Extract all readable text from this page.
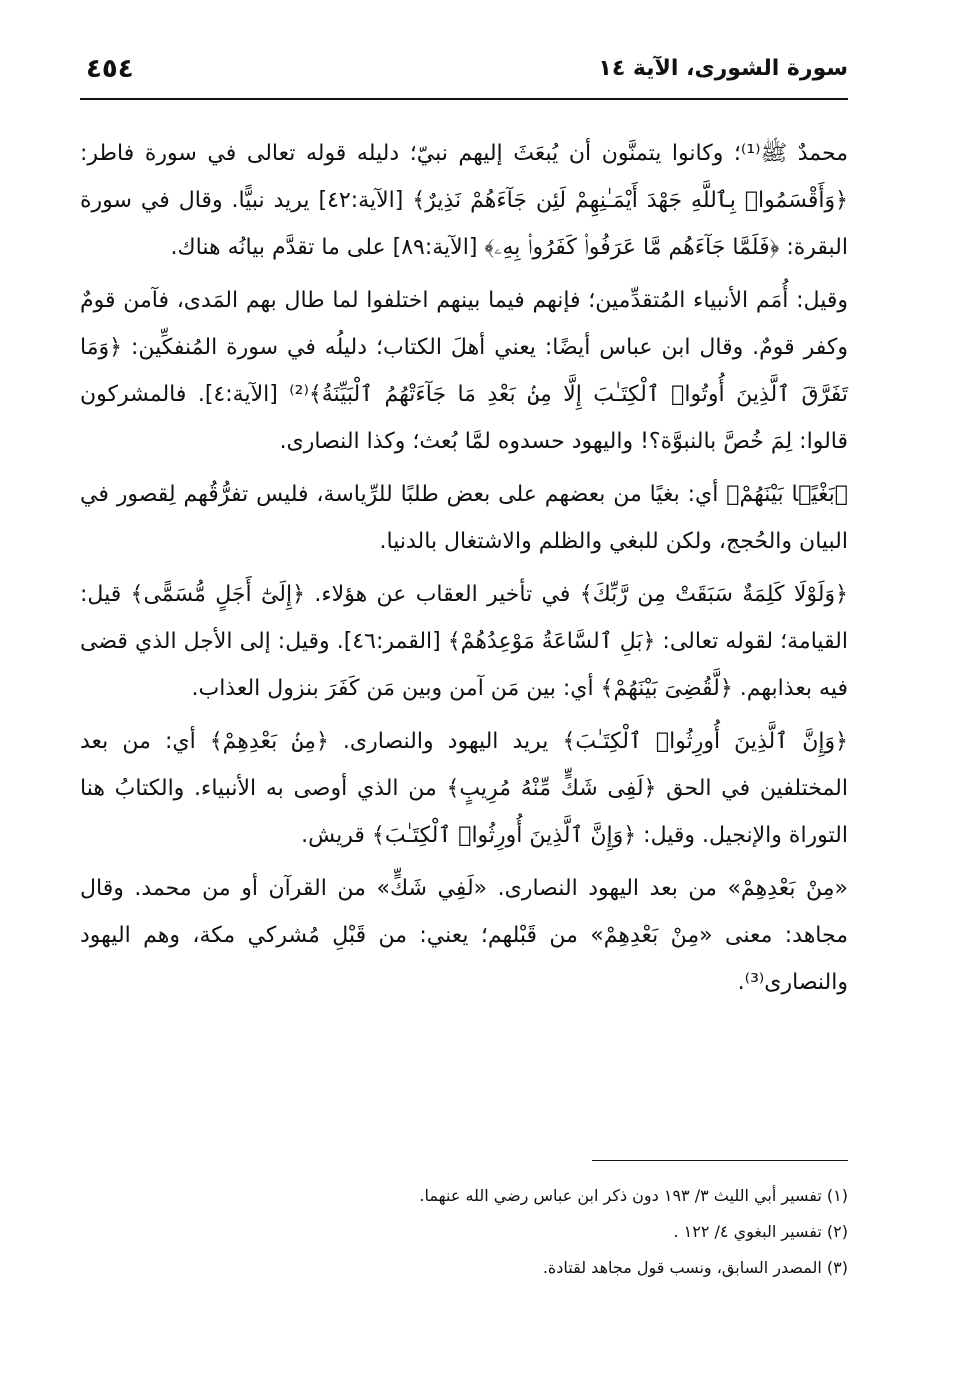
سورة الشورى، الآية ١٤
٤٥٤

محمدٌ ﷺ⁽¹⁾؛ وكانوا يتمنَّون أن يُبعَثَ إليهم نبيّ؛ دليله قوله تعالى في سورة فاطر: ﴿وَأَقْسَمُوا۟ بِٱللَّهِ جَهْدَ أَيْمَـٰنِهِمْ لَئِن جَآءَهُمْ نَذِيرٌ﴾ [الآية:٤٢] يريد نبيًّا. وقال في سورة البقرة: ﴿فَلَمَّا جَآءَهُم مَّا عَرَفُوا۟ كَفَرُوا۟ بِهِۦ﴾ [الآية:٨٩] على ما تقدَّم بيانُه هناك.

وقيل: أُمَم الأنبياء المُتقدِّمين؛ فإنهم فيما بينهم اختلفوا لما طال بهم المَدى، فآمن قومٌ وكفر قومٌ. وقال ابن عباس أيضًا: يعني أهلَ الكتاب؛ دليلُه في سورة المُنفكِّين: ﴿وَمَا تَفَرَّقَ ٱلَّذِينَ أُوتُوا۟ ٱلْكِتَـٰبَ إِلَّا مِنۢ بَعْدِ مَا جَآءَتْهُمُ ٱلْبَيِّنَةُ﴾⁽²⁾ [الآية:٤]. فالمشركون قالوا: لِمَ خُصَّ بالنبوَّة؟! واليهود حسدوه لمَّا بُعث؛ وكذا النصارى.

﴿بَغْيًۢا بَيْنَهُمْ﴾ أي: بغيًا من بعضهم على بعض طلبًا للرِّياسة، فليس تفرُّقُهم لِقصور في البيان والحُجج، ولكن للبغي والظلم والاشتغال بالدنيا.

﴿وَلَوْلَا كَلِمَةٌ سَبَقَتْ مِن رَّبِّكَ﴾ في تأخير العقاب عن هؤلاء. ﴿إِلَىٰٓ أَجَلٍ مُّسَمًّى﴾ قيل: القيامة؛ لقوله تعالى: ﴿بَلِ ٱلسَّاعَةُ مَوْعِدُهُمْ﴾ [القمر:٤٦]. وقيل: إلى الأجل الذي قضى فيه بعذابهم. ﴿لَّقُضِىَ بَيْنَهُمْ﴾ أي: بين مَن آمن وبين مَن كَفَرَ بنزول العذاب.

﴿وَإِنَّ ٱلَّذِينَ أُورِثُوا۟ ٱلْكِتَـٰبَ﴾ يريد اليهود والنصارى. ﴿مِنۢ بَعْدِهِمْ﴾ أي: من بعد المختلفين في الحق ﴿لَفِى شَكٍّ مِّنْهُ مُرِيبٍ﴾ من الذي أوصى به الأنبياء. والكتابُ هنا التوراة والإنجيل. وقيل: ﴿وَإِنَّ ٱلَّذِينَ أُورِثُوا۟ ٱلْكِتَـٰبَ﴾ قريش.

«مِنْ بَعْدِهِمْ» من بعد اليهود النصارى. «لَفِي شَكٍّ» من القرآن أو من محمد. وقال مجاهد: معنى «مِنْ بَعْدِهِمْ» من قَبْلهم؛ يعني: من قَبْلِ مُشركي مكة، وهم اليهود والنصارى⁽³⁾.

(١) تفسير أبي الليث ٣/ ١٩٣ دون ذكر ابن عباس رضي الله عنهما.
(٢) تفسير البغوي ٤/ ١٢٢ .
(٣) المصدر السابق، ونسب قول مجاهد لقتادة.
